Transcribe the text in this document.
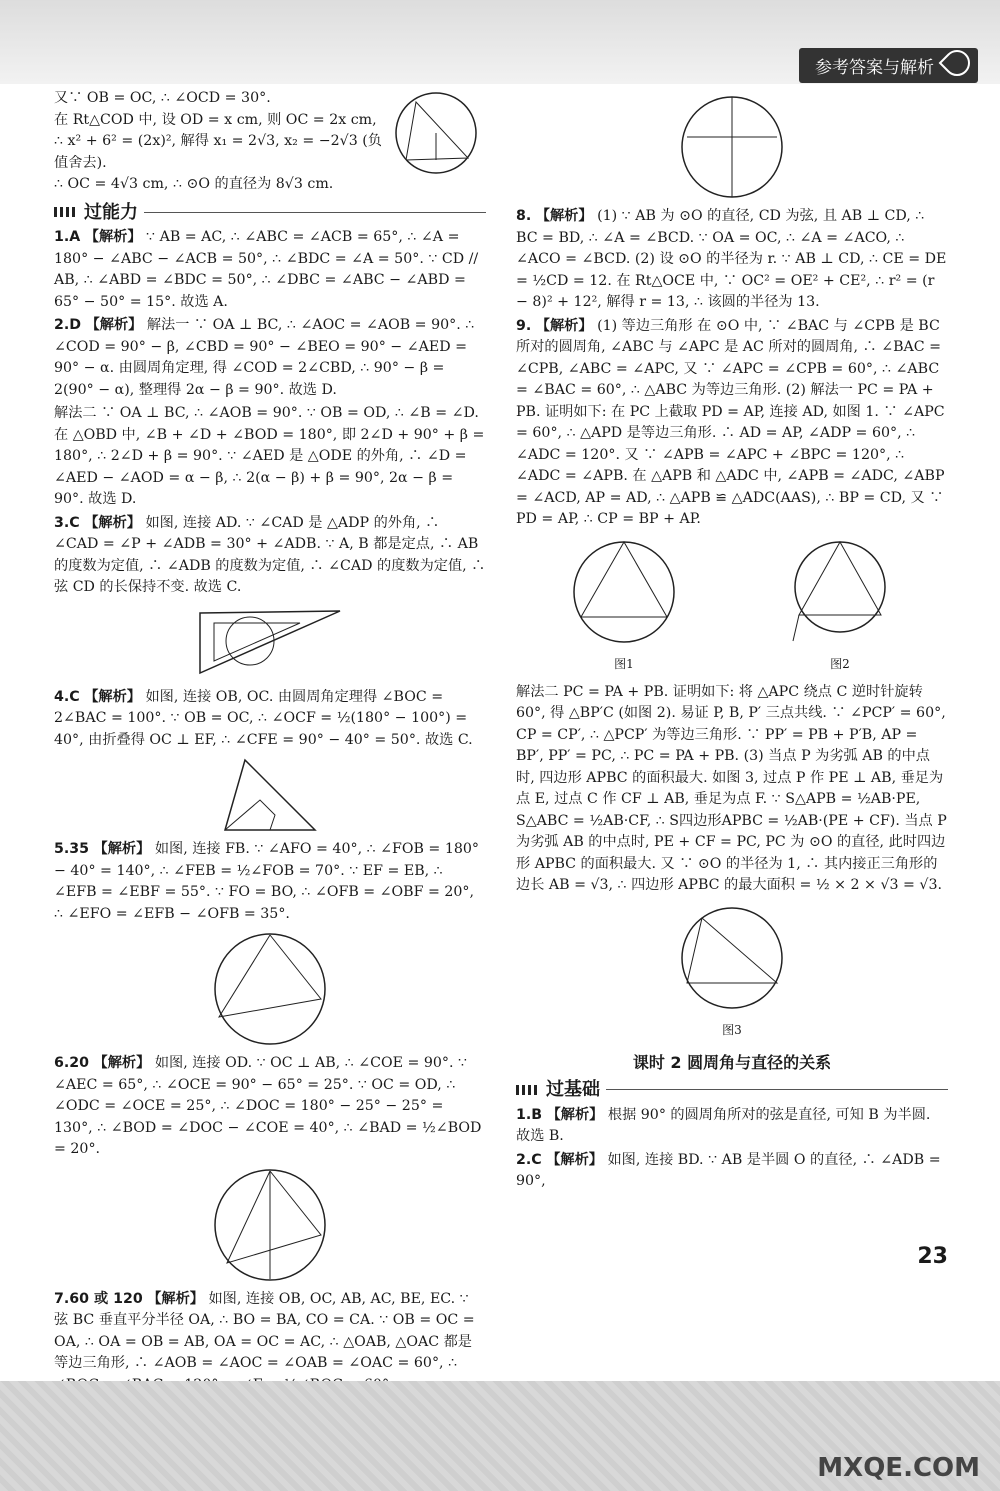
参考答案与解析

又∵ OB = OC, ∴ ∠OCD = 30°.

在 Rt△COD 中, 设 OD = x cm, 则 OC = 2x cm,

∴ x² + 6² = (2x)², 解得 x₁ = 2√3, x₂ = −2√3 (负值舍去).

∴ OC = 4√3 cm, ∴ ⊙O 的直径为 8√3 cm.

过能力

1.A 【解析】 ∵ AB = AC, ∴ ∠ABC = ∠ACB = 65°, ∴ ∠A = 180° − ∠ABC − ∠ACB = 50°, ∴ ∠BDC = ∠A = 50°. ∵ CD // AB, ∴ ∠ABD = ∠BDC = 50°, ∴ ∠DBC = ∠ABC − ∠ABD = 65° − 50° = 15°. 故选 A.

2.D 【解析】 解法一 ∵ OA ⊥ BC, ∴ ∠AOC = ∠AOB = 90°. ∴ ∠COD = 90° − β, ∠CBD = 90° − ∠BEO = 90° − ∠AED = 90° − α. 由圆周角定理, 得 ∠COD = 2∠CBD, ∴ 90° − β = 2(90° − α), 整理得 2α − β = 90°. 故选 D.

解法二 ∵ OA ⊥ BC, ∴ ∠AOB = 90°. ∵ OB = OD, ∴ ∠B = ∠D. 在 △OBD 中, ∠B + ∠D + ∠BOD = 180°, 即 2∠D + 90° + β = 180°, ∴ 2∠D + β = 90°. ∵ ∠AED 是 △ODE 的外角, ∴ ∠D = ∠AED − ∠AOD = α − β, ∴ 2(α − β) + β = 90°, 2α − β = 90°. 故选 D.

3.C 【解析】 如图, 连接 AD. ∵ ∠CAD 是 △ADP 的外角, ∴ ∠CAD = ∠P + ∠ADB = 30° + ∠ADB. ∵ A, B 都是定点, ∴ AB 的度数为定值, ∴ ∠ADB 的度数为定值, ∴ ∠CAD 的度数为定值, ∴ 弦 CD 的长保持不变. 故选 C.

4.C 【解析】 如图, 连接 OB, OC. 由圆周角定理得 ∠BOC = 2∠BAC = 100°. ∵ OB = OC, ∴ ∠OCF = ½(180° − 100°) = 40°, 由折叠得 OC ⊥ EF, ∴ ∠CFE = 90° − 40° = 50°. 故选 C.

5.35 【解析】 如图, 连接 FB. ∵ ∠AFO = 40°, ∴ ∠FOB = 180° − 40° = 140°, ∴ ∠FEB = ½∠FOB = 70°. ∵ EF = EB, ∴ ∠EFB = ∠EBF = 55°. ∵ FO = BO, ∴ ∠OFB = ∠OBF = 20°, ∴ ∠EFO = ∠EFB − ∠OFB = 35°.

6.20 【解析】 如图, 连接 OD. ∵ OC ⊥ AB, ∴ ∠COE = 90°. ∵ ∠AEC = 65°, ∴ ∠OCE = 90° − 65° = 25°. ∵ OC = OD, ∴ ∠ODC = ∠OCE = 25°, ∴ ∠DOC = 180° − 25° − 25° = 130°, ∴ ∠BOD = ∠DOC − ∠COE = 40°, ∴ ∠BAD = ½∠BOD = 20°.

7.60 或 120 【解析】 如图, 连接 OB, OC, AB, AC, BE, EC. ∵ 弦 BC 垂直平分半径 OA, ∴ BO = BA, CO = CA. ∵ OB = OC = OA, ∴ OA = OB = AB, OA = OC = AC, ∴ △OAB, △OAC 都是等边三角形, ∴ ∠AOB = ∠AOC = ∠OAB = ∠OAC = 60°, ∴

8. 【解析】 (1) ∵ AB 为 ⊙O 的直径, CD 为弦, 且 AB ⊥ CD, ∴ BC = BD, ∴ ∠A = ∠BCD. ∵ OA = OC, ∴ ∠A = ∠ACO, ∴ ∠ACO = ∠BCD. (2) 设 ⊙O 的半径为 r. ∵ AB ⊥ CD, ∴ CE = DE = ½CD = 12. 在 Rt△OCE 中, ∵ OC² = OE² + CE², ∴ r² = (r − 8)² + 12², 解得 r = 13, ∴ 该圆的半径为 13.

9. 【解析】 (1) 等边三角形 在 ⊙O 中, ∵ ∠BAC 与 ∠CPB 是 BC 所对的圆周角, ∠ABC 与 ∠APC 是 AC 所对的圆周角, ∴ ∠BAC = ∠CPB, ∠ABC = ∠APC, 又 ∵ ∠APC = ∠CPB = 60°, ∴ ∠ABC = ∠BAC = 60°, ∴ △ABC 为等边三角形. (2) 解法一 PC = PA + PB. 证明如下: 在 PC 上截取 PD = AP, 连接 AD, 如图 1. ∵ ∠APC = 60°, ∴ △APD 是等边三角形. ∴ AD = AP, ∠ADP = 60°, ∴ ∠ADC = 120°. 又 ∵ ∠APB = ∠APC + ∠BPC = 120°, ∴ ∠ADC = ∠APB. 在 △APB 和 △ADC 中, ∠APB = ∠ADC, ∠ABP = ∠ACD, AP = AD, ∴ △APB ≌ △ADC(AAS), ∴ BP = CD, 又 ∵ PD = AP, ∴ CP = BP + AP.

图1	图2

解法二 PC = PA + PB. 证明如下: 将 △APC 绕点 C 逆时针旋转 60°, 得 △BP′C (如图 2). 易证 P, B, P′ 三点共线. ∵ ∠PCP′ = 60°, CP = CP′, ∴ △PCP′ 为等边三角形. ∵ PP′ = PB + P′B, AP = BP′, PP′ = PC, ∴ PC = PA + PB. (3) 当点 P 为劣弧 AB 的中点时, 四边形 APBC 的面积最大. 如图 3, 过点 P 作 PE ⊥ AB, 垂足为点 E, 过点 C 作 CF ⊥ AB, 垂足为点 F. ∵ S△APB = ½AB·PE, S△ABC = ½AB·CF, ∴ S四边形APBC = ½AB·(PE + CF). 当点 P 为劣弧 AB 的中点时, PE + CF = PC, PC 为 ⊙O 的直径, 此时四边形 APBC 的面积最大. 又 ∵ ⊙O 的半径为 1, ∴ 其内接正三角形的边长 AB = √3, ∴ 四边形 APBC 的最大面积 = ½ × 2 × √3 = √3.

图3
课时 2 圆周角与直径的关系
过基础

1.B 【解析】 根据 90° 的圆周角所对的弦是直径, 可知 B 为半圆. 故选 B.

2.C 【解析】 如图, 连接 BD. ∵ AB 是半圆 O 的直径, ∴ ∠ADB = 90°,

23
MXQE.COM
